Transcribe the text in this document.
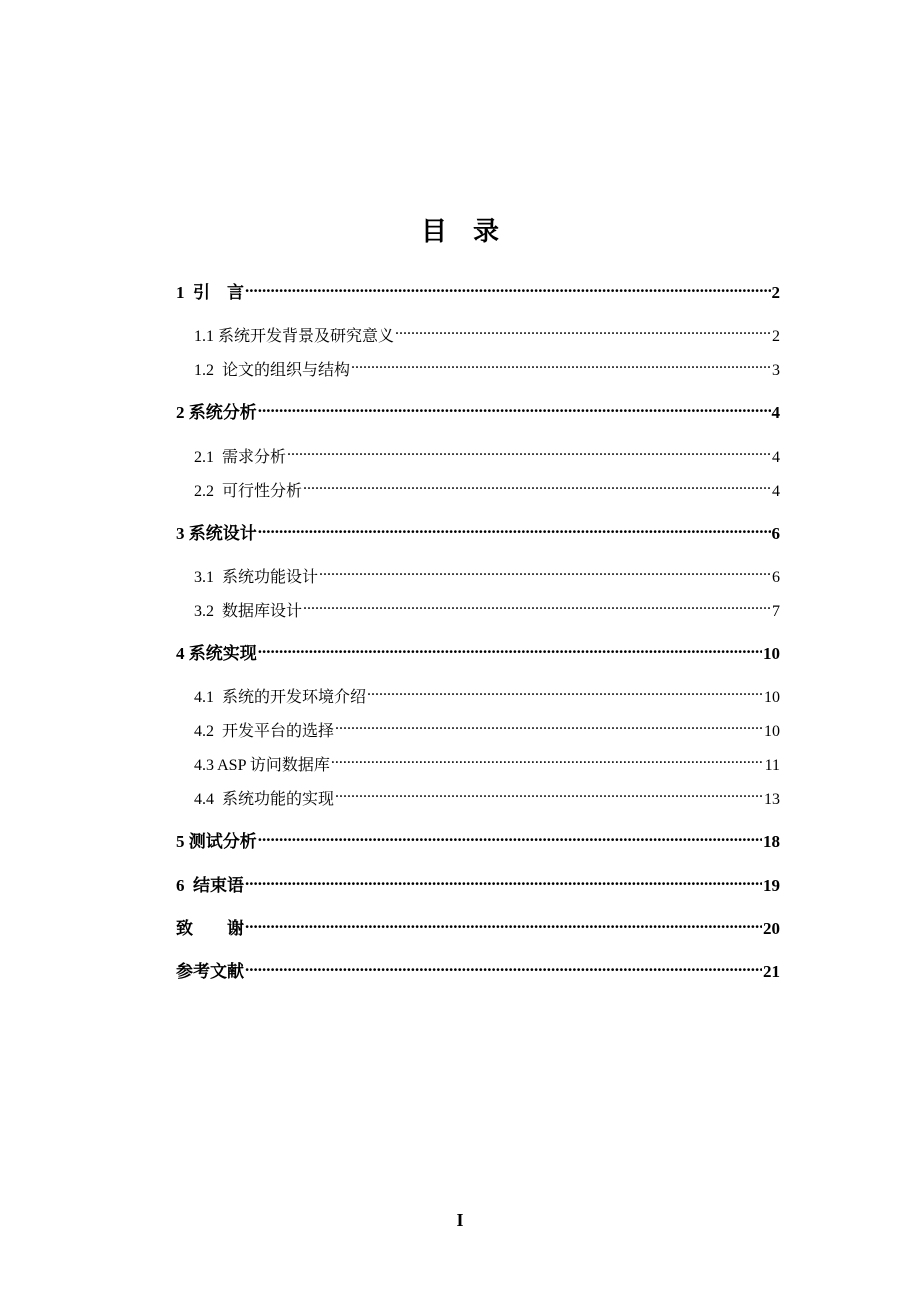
目    录
1  引    言 .....	2
1.1 系统开发背景及研究意义 .....	2
1.2  论文的组织与结构 .....	3
2 系统分析 .....	4
2.1  需求分析 .....	4
2.2  可行性分析 .....	4
3 系统设计 .....	6
3.1  系统功能设计 .....	6
3.2  数据库设计 .....	7
4 系统实现 .....	10
4.1  系统的开发环境介绍 .....	10
4.2  开发平台的选择 .....	10
4.3 ASP 访问数据库 .....	11
4.4  系统功能的实现 .....	13
5 测试分析 .....	18
6  结束语 .....	19
致        谢 .....	20
参考文献 .....	21
I
